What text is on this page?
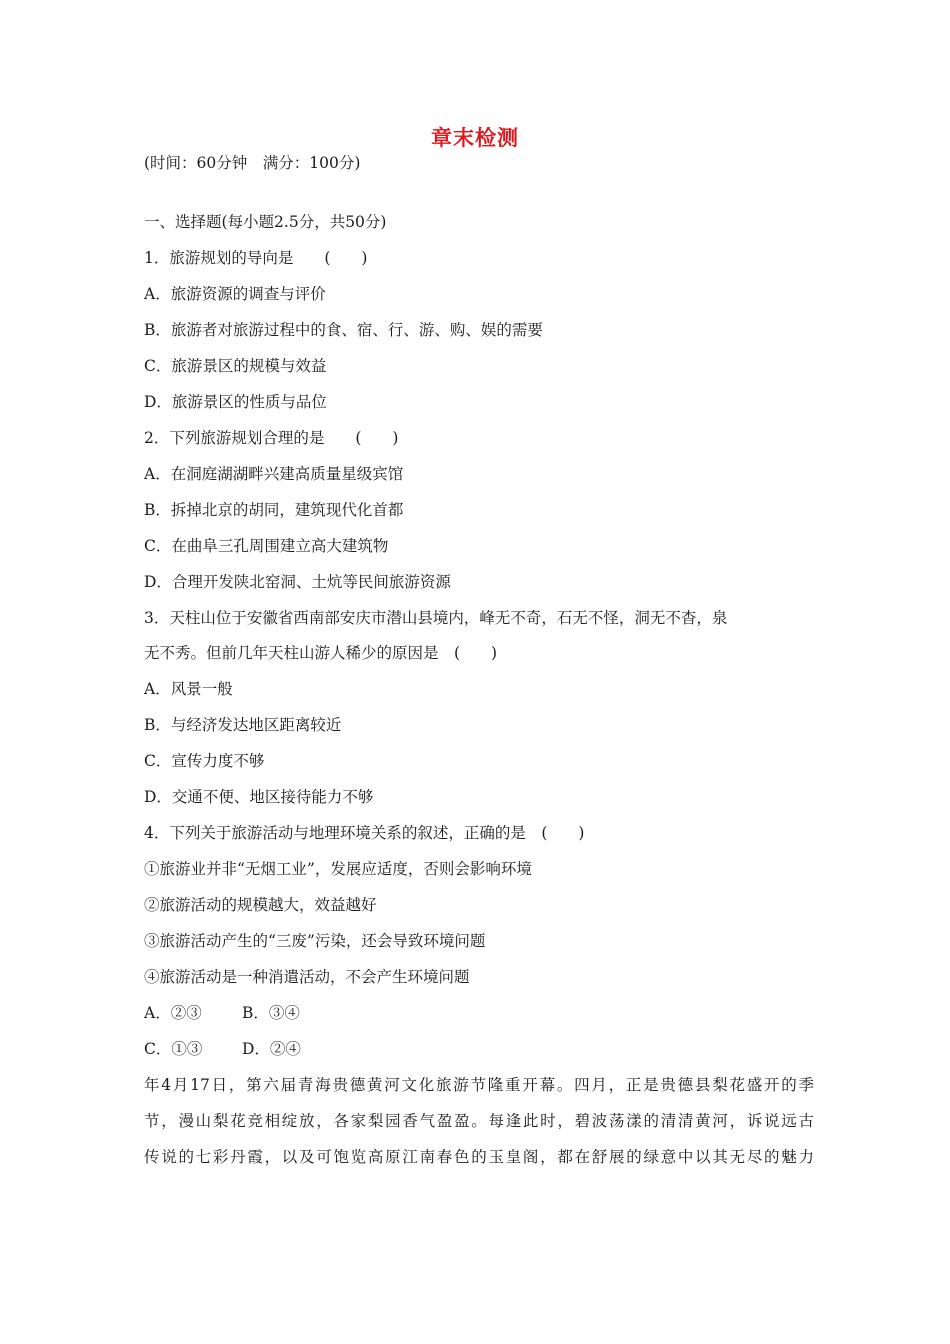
章末检测
(时间：60分钟　满分：100分)
一、选择题(每小题2.5分，共50分)
1．旅游规划的导向是　　(　　)
A．旅游资源的调查与评价
B．旅游者对旅游过程中的食、宿、行、游、购、娱的需要
C．旅游景区的规模与效益
D．旅游景区的性质与品位
2．下列旅游规划合理的是　　(　　)
A．在洞庭湖湖畔兴建高质量星级宾馆
B．拆掉北京的胡同，建筑现代化首都
C．在曲阜三孔周围建立高大建筑物
D．合理开发陕北窑洞、土炕等民间旅游资源
3．天柱山位于安徽省西南部安庆市潜山县境内，峰无不奇，石无不怪，洞无不杳，泉
无不秀。但前几年天柱山游人稀少的原因是　(　　)
A．风景一般
B．与经济发达地区距离较近
C．宣传力度不够
D．交通不便、地区接待能力不够
4．下列关于旅游活动与地理环境关系的叙述，正确的是　(　　)
①旅游业并非“无烟工业”，发展应适度，否则会影响环境
②旅游活动的规模越大，效益越好
③旅游活动产生的“三废”污染，还会导致环境问题
④旅游活动是一种消遣活动，不会产生环境问题
A．②③	B．③④
C．①③	D．②④
年4月17日，第六届青海贵德黄河文化旅游节隆重开幕。四月，正是贵德县梨花盛开的季
节，漫山梨花竞相绽放，各家梨园香气盈盈。每逢此时，碧波荡漾的清清黄河，诉说远古
传说的七彩丹霞，以及可饱览高原江南春色的玉皇阁，都在舒展的绿意中以其无尽的魅力
